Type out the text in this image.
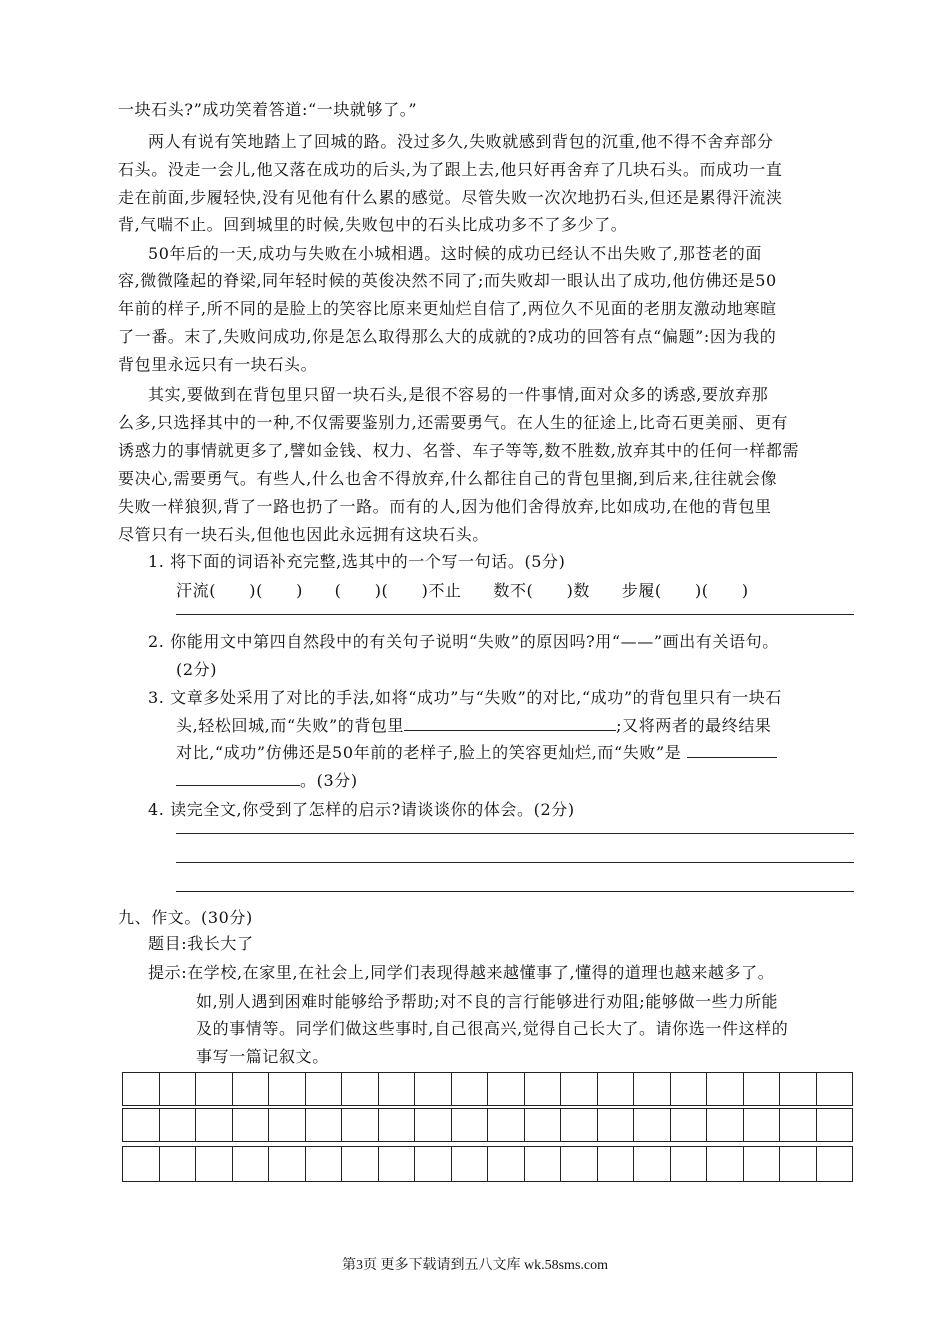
一块石头?”成功笑着答道:“一块就够了。”
两人有说有笑地踏上了回城的路。没过多久,失败就感到背包的沉重,他不得不舍弃部分
石头。没走一会儿,他又落在成功的后头,为了跟上去,他只好再舍弃了几块石头。而成功一直
走在前面,步履轻快,没有见他有什么累的感觉。尽管失败一次次地扔石头,但还是累得汗流浃
背,气喘不止。回到城里的时候,失败包中的石头比成功多不了多少了。
50年后的一天,成功与失败在小城相遇。这时候的成功已经认不出失败了,那苍老的面
容,微微隆起的脊梁,同年轻时候的英俊决然不同了;而失败却一眼认出了成功,他仿佛还是50
年前的样子,所不同的是脸上的笑容比原来更灿烂自信了,两位久不见面的老朋友激动地寒暄
了一番。末了,失败问成功,你是怎么取得那么大的成就的?成功的回答有点“偏题”:因为我的
背包里永远只有一块石头。
其实,要做到在背包里只留一块石头,是很不容易的一件事情,面对众多的诱惑,要放弃那
么多,只选择其中的一种,不仅需要鉴别力,还需要勇气。在人生的征途上,比奇石更美丽、更有
诱惑力的事情就更多了,譬如金钱、权力、名誉、车子等等,数不胜数,放弃其中的任何一样都需
要决心,需要勇气。有些人,什么也舍不得放弃,什么都往自己的背包里搁,到后来,往往就会像
失败一样狼狈,背了一路也扔了一路。而有的人,因为他们舍得放弃,比如成功,在他的背包里
尽管只有一块石头,但他也因此永远拥有这块石头。
1. 将下面的词语补充完整,选其中的一个写一句话。(5分)
汗流(　　)(　　) (　　)(　　)不止 数不(　　)数 步履(　　)(　　)
2. 你能用文中第四自然段中的有关句子说明“失败”的原因吗?用“——”画出有关语句。
(2分)
3. 文章多处采用了对比的手法,如将“成功”与“失败”的对比,“成功”的背包里只有一块石
头,轻松回城,而“失败”的背包里	;又将两者的最终结果
对比,“成功”仿佛还是50年前的老样子,脸上的笑容更灿烂,而“失败”是
。(3分)
4. 读完全文,你受到了怎样的启示?请谈谈你的体会。(2分)
九、作文。(30分)
题目:我长大了
提示:在学校,在家里,在社会上,同学们表现得越来越懂事了,懂得的道理也越来越多了。
如,别人遇到困难时能够给予帮助;对不良的言行能够进行劝阻;能够做一些力所能
及的事情等。同学们做这些事时,自己很高兴,觉得自己长大了。请你选一件这样的
事写一篇记叙文。
第3页 更多下载请到五八文库 wk.58sms.com
